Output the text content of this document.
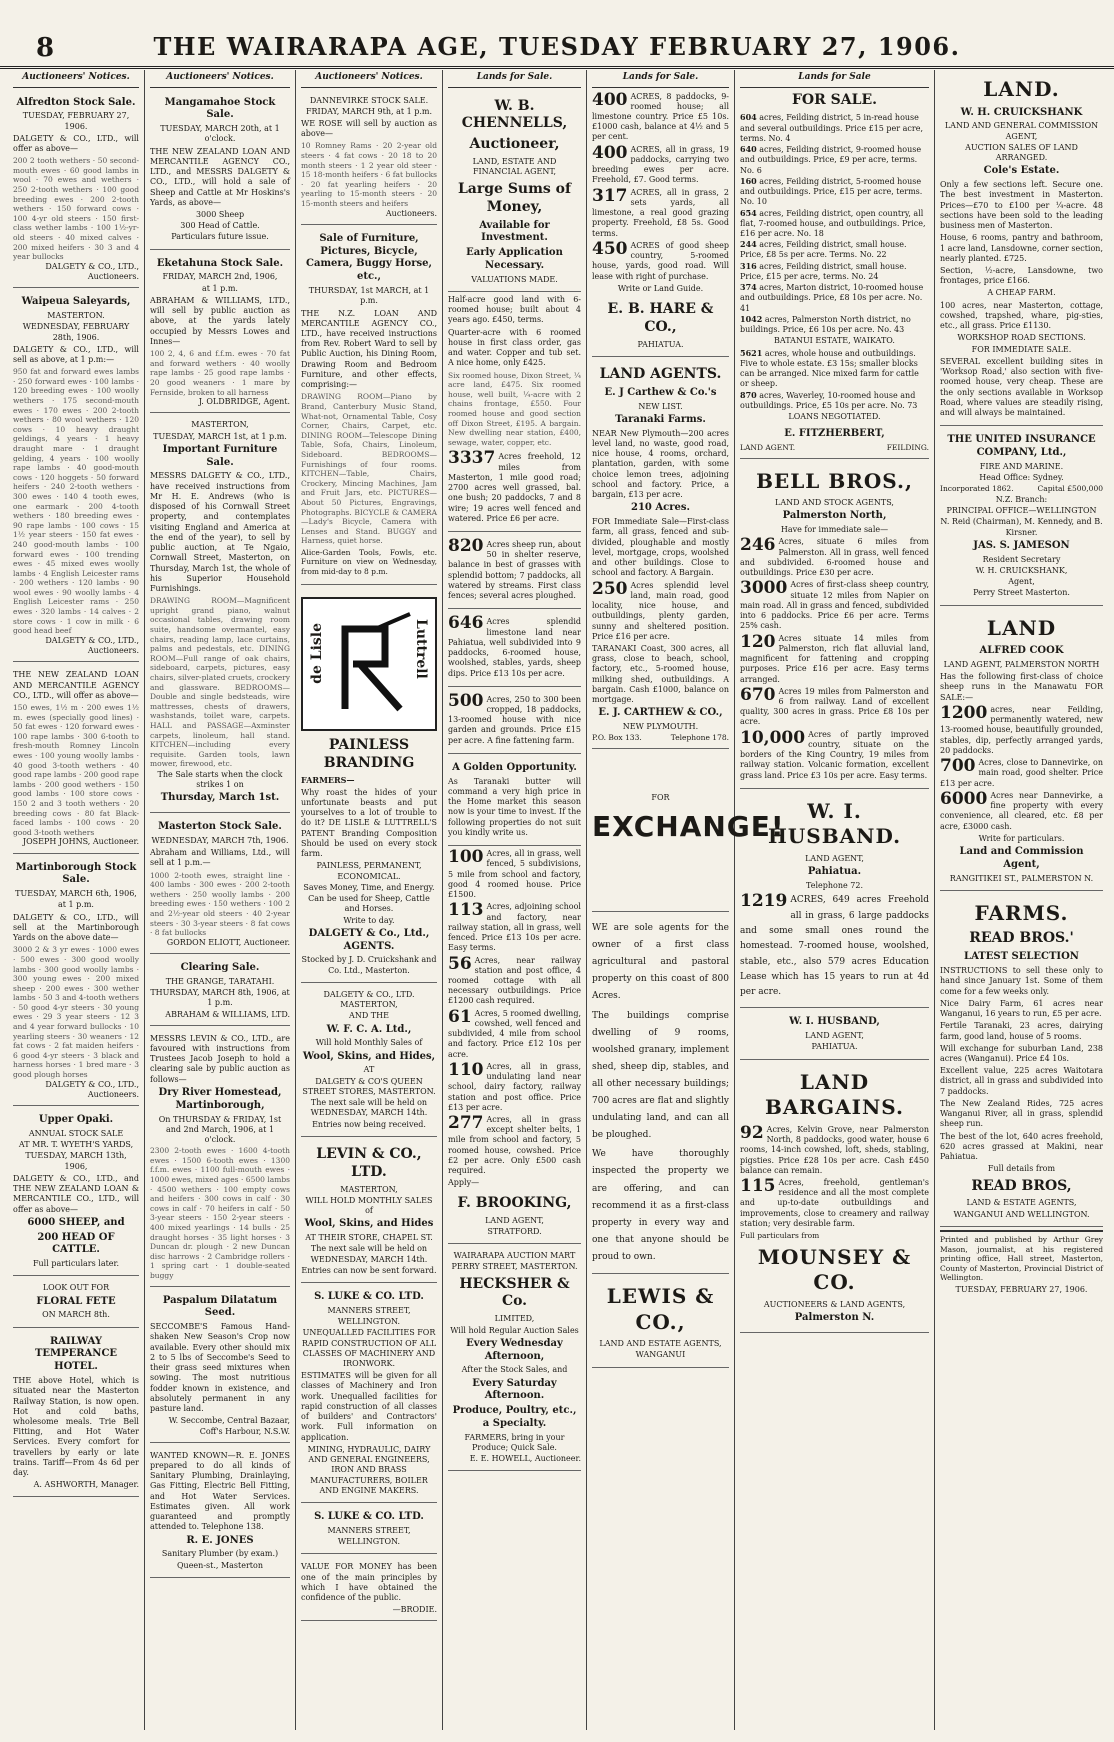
8	THE WAIRARAPA AGE, TUESDAY FEBRUARY 27, 1906.
Auctioneers' Notices.
Alfredton Stock Sale.
TUESDAY, FEBRUARY 27, 1906.

DALGETY & CO., LTD., will offer as above—

200 2 tooth wethers · 50 second-mouth ewes · 60 good lambs in wool · 70 ewes and wethers · 250 2-tooth wethers · 100 good breeding ewes · 200 2-tooth wethers · 150 forward cows · 100 4-yr old steers · 150 first-class wether lambs · 100 1½-yr-old steers · 40 mixed calves · 200 mixed heifers · 30 3 and 4 year bullocks
DALGETY & CO., LTD., Auctioneers.
Waipeua Saleyards,
MASTERTON.
WEDNESDAY, FEBRUARY 28th, 1906.

DALGETY & CO., LTD., will sell as above, at 1 p.m:—

950 fat and forward ewes lambs · 250 forward ewes · 100 lambs · 120 breeding ewes · 100 woolly wethers · 175 second-mouth ewes · 170 ewes · 200 2-tooth wethers · 80 wool wethers · 120 cows · 10 heavy draught geldings, 4 years · 1 heavy draught mare · 1 draught gelding, 4 years · 100 woolly rape lambs · 40 good-mouth cows · 120 hoggets · 50 forward heifers · 240 2-tooth wethers · 300 ewes · 140 4 tooth ewes, one earmark · 200 4-tooth wethers · 180 breeding ewes · 90 rape lambs · 100 cows · 15 1½ year steers · 150 fat ewes · 240 good-mouth lambs · 100 forward ewes · 100 trending ewes · 45 mixed ewes woolly lambs · 4 English Leicester rams · 200 wethers · 120 lambs · 90 wool ewes · 90 woolly lambs · 4 English Leicester rams · 250 ewes · 320 lambs · 14 calves · 2 store cows · 1 cow in milk · 6 good head beef
DALGETY & CO., LTD., Auctioneers.

THE NEW ZEALAND LOAN AND MERCANTILE AGENCY CO., LTD., will offer as above—

150 ewes, 1½ m · 200 ewes 1½ m. ewes (specially good lines) · 50 fat ewes · 120 forward ewes · 100 rape lambs · 300 6-tooth to fresh-mouth Romney Lincoln ewes · 100 young woolly lambs · 40 good 3-tooth wethers · 40 good rape lambs · 200 good rape lambs · 200 good wethers · 150 good lambs · 100 store cows · 150 2 and 3 tooth wethers · 20 breeding cows · 80 fat Black-faced lambs · 100 cows · 20 good 3-tooth wethers
JOSEPH JOHNS, Auctioneer.
Martinborough Stock Sale.
TUESDAY, MARCH 6th, 1906,
at 1 p.m.

DALGETY & CO., LTD., will sell at the Martinborough Yards on the above date—

3000 2 & 3 yr ewes · 1000 ewes · 500 ewes · 300 good woolly lambs · 300 good woolly lambs · 300 young ewes · 200 mixed sheep · 200 ewes · 300 wether lambs · 50 3 and 4-tooth wethers · 50 good 4-yr steers · 30 young ewes · 29 3 year steers · 12 3 and 4 year forward bullocks · 10 yearling steers · 30 weaners · 12 fat cows · 2 fat maiden heifers · 6 good 4-yr steers · 3 black and harness horses · 1 bred mare · 3 good plough horses
DALGETY & CO., LTD., Auctioneers.
Upper Opaki.
ANNUAL STOCK SALE
AT MR. T. WYETH'S YARDS,
TUESDAY, MARCH 13th, 1906,

DALGETY & CO., LTD., and THE NEW ZEALAND LOAN & MERCANTILE CO., LTD., will offer as above—

6000 SHEEP, and
200 HEAD OF CATTLE.
Full particulars later.
LOOK OUT FOR
FLORAL FETE
ON MARCH 8th.
RAILWAY TEMPERANCE HOTEL.

THE above Hotel, which is situated near the Masterton Railway Station, is now open. Hot and cold baths, wholesome meals. Trie Bell Fitting, and Hot Water Services. Every comfort for travellers by early or late trains. Tariff—From 4s 6d per day.

A. ASHWORTH, Manager.
Auctioneers' Notices.
Mangamahoe Stock Sale.
TUESDAY, MARCH 20th, at 1 o'clock.

THE NEW ZEALAND LOAN AND MERCANTILE AGENCY CO., LTD., and MESSRS DALGETY & CO., LTD., will hold a sale of Sheep and Cattle at Mr Hoskins's Yards, as above—

3000 Sheep
300 Head of Cattle.
Particulars future issue.
Eketahuna Stock Sale.
FRIDAY, MARCH 2nd, 1906,
at 1 p.m.

ABRAHAM & WILLIAMS, LTD., will sell by public auction as above, at the yards lately occupied by Messrs Lowes and Innes—

100 2, 4, 6 and f.f.m. ewes · 70 fat and forward wethers · 40 woolly rape lambs · 25 good rape lambs · 20 good weaners · 1 mare by Fernside, broken to all harness
J. OLDBRIDGE, Agent.
MASTERTON,
TUESDAY, MARCH 1st, at 1 p.m.
Important Furniture Sale.

MESSRS DALGETY & CO., LTD., have received instructions from Mr H. E. Andrews (who is disposed of his Cornwall Street property, and contemplates visiting England and America at the end of the year), to sell by public auction, at Te Ngaio, Cornwall Street, Masterton, on Thursday, March 1st, the whole of his Superior Household Furnishings.

DRAWING ROOM—Magnificent upright grand piano, walnut occasional tables, drawing room suite, handsome overmantel, easy chairs, reading lamp, lace curtains, palms and pedestals, etc. DINING ROOM—Full range of oak chairs, sideboard, carpets, pictures, easy chairs, silver-plated cruets, crockery and glassware. BEDROOMS—Double and single bedsteads, wire mattresses, chests of drawers, washstands, toilet ware, carpets. HALL and PASSAGE—Axminster carpets, linoleum, hall stand. KITCHEN—including every requisite. Garden tools, lawn mower, firewood, etc.
The Sale starts when the clock strikes 1 on
Thursday, March 1st.
Masterton Stock Sale.
WEDNESDAY, MARCH 7th, 1906.

Abraham and Williams, Ltd., will sell at 1 p.m.—

1000 2-tooth ewes, straight line · 400 lambs · 300 ewes · 200 2-tooth wethers · 250 woolly lambs · 200 breeding ewes · 150 wethers · 100 2 and 2½-year old steers · 40 2-year steers · 30 3-year steers · 8 fat cows · 8 fat bullocks
GORDON ELIOTT, Auctioneer.
Clearing Sale.
THE GRANGE, TARATAHI.
THURSDAY, MARCH 8th, 1906, at 1 p.m.
ABRAHAM & WILLIAMS, LTD.

MESSRS LEVIN & CO., LTD., are favoured with instructions from Trustees Jacob Joseph to hold a clearing sale by public auction as follows—

Dry River Homestead, Martinborough,
On THURSDAY & FRIDAY, 1st and 2nd March, 1906, at 1 o'clock.
2300 2-tooth ewes · 1600 4-tooth ewes · 1500 6-tooth ewes · 1300 f.f.m. ewes · 1100 full-mouth ewes · 1000 ewes, mixed ages · 6500 lambs · 4500 wethers · 100 empty cows and heifers · 300 cows in calf · 30 cows in calf · 70 heifers in calf · 50 3-year steers · 150 2-year steers · 400 mixed yearlings · 14 bulls · 25 draught horses · 35 light horses · 3 Duncan dr. plough · 2 new Duncan disc harrows · 2 Cambridge rollers · 1 spring cart · 1 double-seated buggy
Paspalum Dilatatum Seed.

SECCOMBE'S Famous Hand-shaken New Season's Crop now available. Every other should mix 2 to 5 lbs of Seccombe's Seed to their grass seed mixtures when sowing. The most nutritious fodder known in existence, and absolutely permanent in any pasture land.

W. Seccombe, Central Bazaar, Coff's Harbour, N.S.W.

WANTED KNOWN—R. E. JONES prepared to do all kinds of Sanitary Plumbing, Drainlaying, Gas Fitting, Electric Bell Fitting, and Hot Water Services. Estimates given. All work guaranteed and promptly attended to. Telephone 138.

R. E. JONES
Sanitary Plumber (by exam.)
Queen-st., Masterton
Auctioneers' Notices.
DANNEVIRKE STOCK SALE.
FRIDAY, MARCH 9th, at 1 p.m.

WE ROSE will sell by auction as above—

10 Romney Rams · 20 2-year old steers · 4 fat cows · 20 18 to 20 month steers · 1 2 year old steer · 15 18-month heifers · 6 fat bullocks · 20 fat yearling heifers · 20 yearling to 15-month steers · 20 15-month steers and heifers
Auctioneers.
Sale of Furniture, Pictures, Bicycle, Camera, Buggy Horse, etc.,
THURSDAY, 1st MARCH, at 1 p.m.

THE N.Z. LOAN AND MERCANTILE AGENCY CO., LTD., have received instructions from Rev. Robert Ward to sell by Public Auction, his Dining Room, Drawing Room and Bedroom Furniture, and other effects, comprising:—

DRAWING ROOM—Piano by Brand, Canterbury Music Stand, What-not, Ornamental Table, Cosy Corner, Chairs, Carpet, etc. DINING ROOM—Telescope Dining Table, Sofa, Chairs, Linoleum, Sideboard. BEDROOMS—Furnishings of four rooms. KITCHEN—Table, Chairs, Crockery, Mincing Machines, Jam and Fruit Jars, etc. PICTURES—About 50 Pictures, Engravings, Photographs. BICYCLE & CAMERA—Lady's Bicycle, Camera with Lenses and Stand. BUGGY and Harness, quiet horse.

Alice-Garden Tools, Fowls, etc. Furniture on view on Wednesday, from mid-day to 8 p.m.

de Lisle	Luttrell
PAINLESS BRANDING
FARMERS—

Why roast the hides of your unfortunate beasts and put yourselves to a lot of trouble to do it? DE LISLE & LUTTRELL'S PATENT Branding Composition Should be used on every stock farm.

PAINLESS, PERMANENT, ECONOMICAL.
Saves Money, Time, and Energy.
Can be used for Sheep, Cattle and Horses.
Write to day.
DALGETY & Co., Ltd., AGENTS.
Stocked by J. D. Cruickshank and Co. Ltd., Masterton.
DALGETY & CO., LTD. MASTERTON,
AND THE
W. F. C. A. Ltd.,
Will hold Monthly Sales of
Wool, Skins, and Hides,
AT
DALGETY & CO'S QUEEN STREET STORES, MASTERTON.
The next sale will be held on WEDNESDAY, MARCH 14th.
Entries now being received.
LEVIN & CO., LTD.
MASTERTON,
WILL HOLD MONTHLY SALES of
Wool, Skins, and Hides
AT THEIR STORE, CHAPEL ST.
The next sale will be held on WEDNESDAY, MARCH 14th.
Entries can now be sent forward.
S. LUKE & CO. LTD.
MANNERS STREET,
WELLINGTON.
UNEQUALLED FACILITIES FOR RAPID CONSTRUCTION OF ALL CLASSES OF MACHINERY AND IRONWORK.

ESTIMATES will be given for all classes of Machinery and Iron work. Unequalled facilities for rapid construction of all classes of builders' and Contractors' work. Full information on application.

MINING, HYDRAULIC, DAIRY AND GENERAL ENGINEERS, IRON AND BRASS MANUFACTURERS, BOILER AND ENGINE MAKERS.
S. LUKE & CO. LTD.
MANNERS STREET,
WELLINGTON.

VALUE FOR MONEY has been one of the main principles by which I have obtained the confidence of the public.

—BRODIE.
Lands for Sale.
W. B. CHENNELLS,
Auctioneer,
LAND, ESTATE AND FINANCIAL AGENT,
Large Sums of Money,
Available for Investment.
Early Application Necessary.
VALUATIONS MADE.

Half-acre good land with 6-roomed house; built about 4 years ago. £450, terms.

Quarter-acre with 6 roomed house in first class order, gas and water. Copper and tub set. A nice home, only £425.

Six roomed house, Dixon Street, ¼ acre land, £475. Six roomed house, well built, ¼-acre with 2 chains frontage, £550. Four roomed house and good section off Dixon Street, £195. A bargain. New dwelling near station, £400, sewage, water, copper, etc.
3337 Acres freehold, 12 miles from Masterton, 1 mile good road; 2700 acres well grassed, bal. one bush; 20 paddocks, 7 and 8 wire; 19 acres well fenced and watered. Price £6 per acre.

820 Acres sheep run, about 50 in shelter reserve, balance in best of grasses with splendid bottom; 7 paddocks, all watered by streams. First class fences; several acres ploughed.

646 Acres splendid limestone land near Pahiatua, well subdivided into 9 paddocks, 6-roomed house, woolshed, stables, yards, sheep dips. Price £13 10s per acre.

500 Acres, 250 to 300 been cropped, 18 paddocks, 13-roomed house with nice garden and grounds. Price £15 per acre. A fine fattening farm.

A Golden Opportunity.

As Taranaki butter will command a very high price in the Home market this season now is your time to invest. If the following properties do not suit you kindly write us.

100 Acres, all in grass, well fenced, 5 subdivisions, 5 mile from school and factory, good 4 roomed house. Price £1500.

113 Acres, adjoining school and factory, near railway station, all in grass, well fenced. Price £13 10s per acre. Easy terms.

56 Acres, near railway station and post office, 4 roomed cottage with all necessary outbuildings. Price £1200 cash required.

61 Acres, 5 roomed dwelling, cowshed, well fenced and subdivided, 4 mile from school and factory. Price £12 10s per acre.

110 Acres, all in grass, undulating land near school, dairy factory, railway station and post office. Price £13 per acre.

277 Acres, all in grass except shelter belts, 1 mile from school and factory, 5 roomed house, cowshed. Price £2 per acre. Only £500 cash required.

Apply—
F. BROOKING,
LAND AGENT,
STRATFORD.
WAIRARAPA AUCTION MART
PERRY STREET, MASTERTON.
HECKSHER & Co.
LIMITED,
Will hold Regular Auction Sales
Every Wednesday Afternoon,
After the Stock Sales, and
Every Saturday Afternoon.
Produce, Poultry, etc., a Specialty.
FARMERS, bring in your Produce; Quick Sale.
E. E. HOWELL, Auctioneer.
Lands for Sale.
400 ACRES, 8 paddocks, 9-roomed house; all limestone country. Price £5 10s. £1000 cash, balance at 4½ and 5 per cent.

400 ACRES, all in grass, 19 paddocks, carrying two breeding ewes per acre. Freehold, £7. Good terms.

317 ACRES, all in grass, 2 sets yards, all limestone, a real good grazing property. Freehold, £8 5s. Good terms.

450 ACRES of good sheep country, 5-roomed house, yards, good road. Will lease with right of purchase.

Write or Land Guide.
E. B. HARE & CO.,
PAHIATUA.
LAND AGENTS.
E. J Carthew & Co.'s
NEW LIST.
Taranaki Farms.

NEAR New Plymouth—200 acres level land, no waste, good road, nice house, 4 rooms, orchard, plantation, garden, with some choice lemon trees, adjoining school and factory. Price, a bargain, £13 per acre.

210 Acres.

FOR Immediate Sale—First-class farm, all grass, fenced and sub-divided, ploughable and mostly level, mortgage, crops, woolshed and other buildings. Close to school and factory. A Bargain.

250 Acres splendid level land, main road, good locality, nice house, and outbuildings, plenty garden, sunny and sheltered position. Price £16 per acre.

TARANAKI Coast, 300 acres, all grass, close to beach, school, factory, etc., 5-roomed house, milking shed, outbuildings. A bargain. Cash £1000, balance on mortgage.

E. J. CARTHEW & CO.,
NEW PLYMOUTH.
P.O. Box 133.	Telephone 178.
FOR
EXCHANGE!

WE are sole agents for the owner of a first class agricultural and pastoral property on this coast of 800 Acres.

The buildings comprise dwelling of 9 rooms, woolshed granary, implement shed, sheep dip, stables, and all other necessary buildings; 700 acres are flat and slightly undulating land, and can all be ploughed.

We have thoroughly inspected the property we are offering, and can recommend it as a first-class property in every way and one that anyone should be proud to own.

LEWIS & CO.,
LAND AND ESTATE AGENTS,
WANGANUI
Lands for Sale
FOR SALE.
604 acres, Feilding district, 5 in-read house and several outbuildings. Price £15 per acre, terms. No. 4
640 acres, Feilding district, 9-roomed house and outbuildings. Price, £9 per acre, terms. No. 6
160 acres, Feilding district, 5-roomed house and outbuildings. Price, £15 per acre, terms. No. 10
654 acres, Feilding district, open country, all flat, 7-roomed house, and outbuildings. Price, £16 per acre. No. 18
244 acres, Feilding district, small house. Price, £8 5s per acre. Terms. No. 22
316 acres, Feilding district, small house. Price, £15 per acre, terms. No. 24
374 acres, Marton district, 10-roomed house and outbuildings. Price, £8 10s per acre. No. 41
1042 acres, Palmerston North district, no buildings. Price, £6 10s per acre. No. 43
BATANUI ESTATE, WAIKATO.
5621 acres, whole house and outbuildings. Five to whole estate. £3 15s; smaller blocks can be arranged. Nice mixed farm for cattle or sheep.
870 acres, Waverley, 10-roomed house and outbuildings. Price, £5 10s per acre. No. 73
LOANS NEGOTIATED.
E. FITZHERBERT,
LAND AGENT.	FEILDING.
BELL BROS.,
LAND AND STOCK AGENTS,
Palmerston North,
Have for immediate sale—
246 Acres, situate 6 miles from Palmerston. All in grass, well fenced and subdivided. 6-roomed house and outbuildings. Price £30 per acre.

3000 Acres of first-class sheep country, situate 12 miles from Napier on main road. All in grass and fenced, subdivided into 6 paddocks. Price £6 per acre. Terms 25% cash.

120 Acres situate 14 miles from Palmerston, rich flat alluvial land, magnificent for fattening and cropping purposes. Price £16 per acre. Easy terms arranged.

670 Acres 19 miles from Palmerston and 6 from railway. Land of excellent quality, 300 acres in grass. Price £8 10s per acre.

10,000 Acres of partly improved country, situate on the borders of the King Country, 19 miles from railway station. Volcanic formation, excellent grass land. Price £3 10s per acre. Easy terms.

W. I. HUSBAND.
LAND AGENT,
Pahiatua.
Telephone 72.
1219 ACRES, 649 acres Freehold all in grass, 6 large paddocks and some small ones round the homestead. 7-roomed house, woolshed, stable, etc., also 579 acres Education Lease which has 15 years to run at 4d per acre.

W. I. HUSBAND,
LAND AGENT,
PAHIATUA.
LAND BARGAINS.
92 Acres, Kelvin Grove, near Palmerston North, 8 paddocks, good water, house 6 rooms, 14-inch cowshed, loft, sheds, stabling, pigsties. Price £28 10s per acre. Cash £450 balance can remain.

115 Acres, freehold, gentleman's residence and all the most complete and up-to-date outbuildings and improvements, close to creamery and railway station; very desirable farm.

Full particulars from
MOUNSEY & CO.
AUCTIONEERS & LAND AGENTS,
Palmerston N.
LAND.
W. H. CRUICKSHANK
LAND AND GENERAL COMMISSION AGENT,
AUCTION SALES OF LAND ARRANGED.
Cole's Estate.

Only a few sections left. Secure one. The best investment in Masterton. Prices—£70 to £100 per ¼-acre. 48 sections have been sold to the leading business men of Masterton.

House, 6 rooms, pantry and bathroom, 1 acre land, Lansdowne, corner section, nearly planted. £725.

Section, ½-acre, Lansdowne, two frontages, price £166.

A CHEAP FARM.

100 acres, near Masterton, cottage, cowshed, trapshed, whare, pig-sties, etc., all grass. Price £1130.

WORKSHOP ROAD SECTIONS.
FOR IMMEDIATE SALE.

SEVERAL excellent building sites in 'Worksop Road,' also section with five-roomed house, very cheap. These are the only sections available in Worksop Road, where values are steadily rising, and will always be maintained.

THE UNITED INSURANCE COMPANY, Ltd.,
FIRE AND MARINE.
Head Office: Sydney.
Incorporated 1862.	Capital £500,000
N.Z. Branch:
PRINCIPAL OFFICE—WELLINGTON
N. Reid (Chairman), M. Kennedy, and B. Kirsner.
JAS. S. JAMESON
Resident Secretary
W. H. CRUICKSHANK,
Agent,
Perry Street Masterton.
LAND
ALFRED COOK
LAND AGENT, PALMERSTON NORTH

Has the following first-class of choice sheep runs in the Manawatu FOR SALE:—

1200 acres, near Feilding, permanently watered, new 13-roomed house, beautifully grounded, stables, dip, perfectly arranged yards, 20 paddocks.

700 Acres, close to Dannevirke, on main road, good shelter. Price £13 per acre.

6000 Acres near Dannevirke, a fine property with every convenience, all cleared, etc. £8 per acre, £3000 cash.

Write for particulars.
Land and Commission Agent,
RANGITIKEI ST., PALMERSTON N.
FARMS.
READ BROS.'
LATEST SELECTION

INSTRUCTIONS to sell these only to hand since January 1st. Some of them come for a few weeks only.

Nice Dairy Farm, 61 acres near Wanganui, 16 years to run, £5 per acre.

Fertile Taranaki, 23 acres, dairying farm, good land, house of 5 rooms.

Will exchange for suburban Land, 238 acres (Wanganui). Price £4 10s.

Excellent value, 225 acres Waitotara district, all in grass and subdivided into 7 paddocks.

The New Zealand Rides, 725 acres Wanganui River, all in grass, splendid sheep run.

The best of the lot, 640 acres freehold, 620 acres grassed at Makini, near Pahiatua.

Full details from
READ BROS,
LAND & ESTATE AGENTS,
WANGANUI AND WELLINGTON.

Printed and published by Arthur Grey Mason, journalist, at his registered printing office, Hall street, Masterton, County of Masterton, Provincial District of Wellington.

TUESDAY, FEBRUARY 27, 1906.
